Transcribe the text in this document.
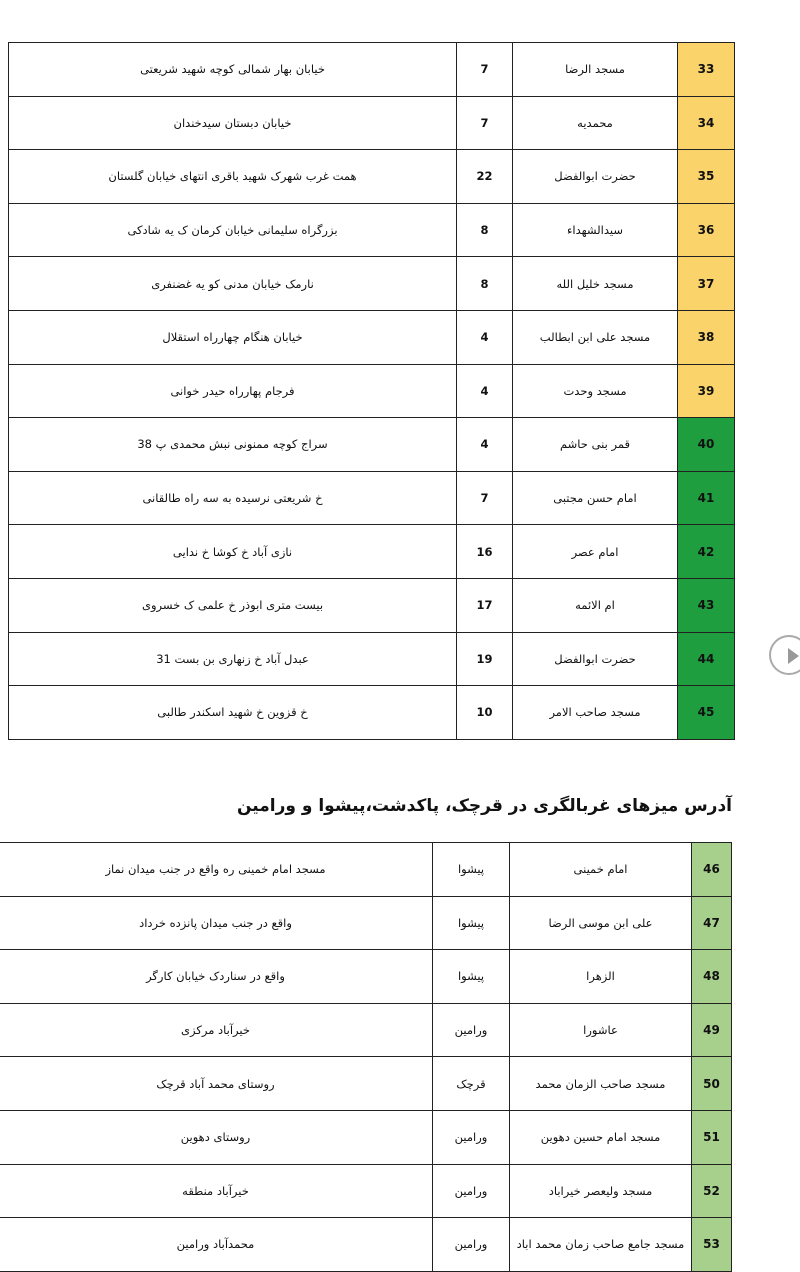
خیابان بهار شمالی کوچه شهید شریعتی	7	مسجد الرضا	33
خیابان دبستان سیدخندان	7	محمدیه	34
همت غرب شهرک شهید باقری انتهای خیابان گلستان	22	حضرت ابوالفضل	35
بزرگراه سلیمانی خیابان کرمان ک یه شادکی	8	سیدالشهداء	36
نارمک خیابان مدنی کو یه غضنفری	8	مسجد خلیل الله	37
خیابان هنگام چهارراه استقلال	4	مسجد علی ابن ابطالب	38
فرجام پهارراه حیدر خوانی	4	مسجد وحدت	39
سراج کوچه ممنونی نبش محمدی پ 38	4	قمر بنی حاشم	40
خ شریعتی نرسیده به سه راه طالقانی	7	امام حسن مجتبی	41
نازی آباد خ کوشا خ ندایی	16	امام عصر	42
بیست متری ابوذر خ علمی ک خسروی	17	ام الائمه	43
عبدل آباد خ زنهاری بن بست 31	19	حضرت ابوالفضل	44
خ قزوین خ شهید اسکندر طالبی	10	مسجد صاحب الامر	45
آدرس میزهای غربالگری در قرچک، پاکدشت،پیشوا و ورامین
مسجد امام خمینی ره واقع در جنب میدان نماز	پیشوا	امام خمینی	46
واقع در جنب میدان پانزده خرداد	پیشوا	علی ابن موسی الرضا	47
واقع در سناردک خیابان کارگر	پیشوا	الزهرا	48
خیرآباد مرکزی	ورامین	عاشورا	49
روستای محمد آباد قرچک	قرچک	مسجد صاحب الزمان محمد	50
روستای دهوین	ورامین	مسجد امام حسین دهوین	51
خیرآباد منطقه	ورامین	مسجد ولیعصر خیراباد	52
محمدآباد ورامین	ورامین	مسجد جامع صاحب زمان محمد اباد	53
